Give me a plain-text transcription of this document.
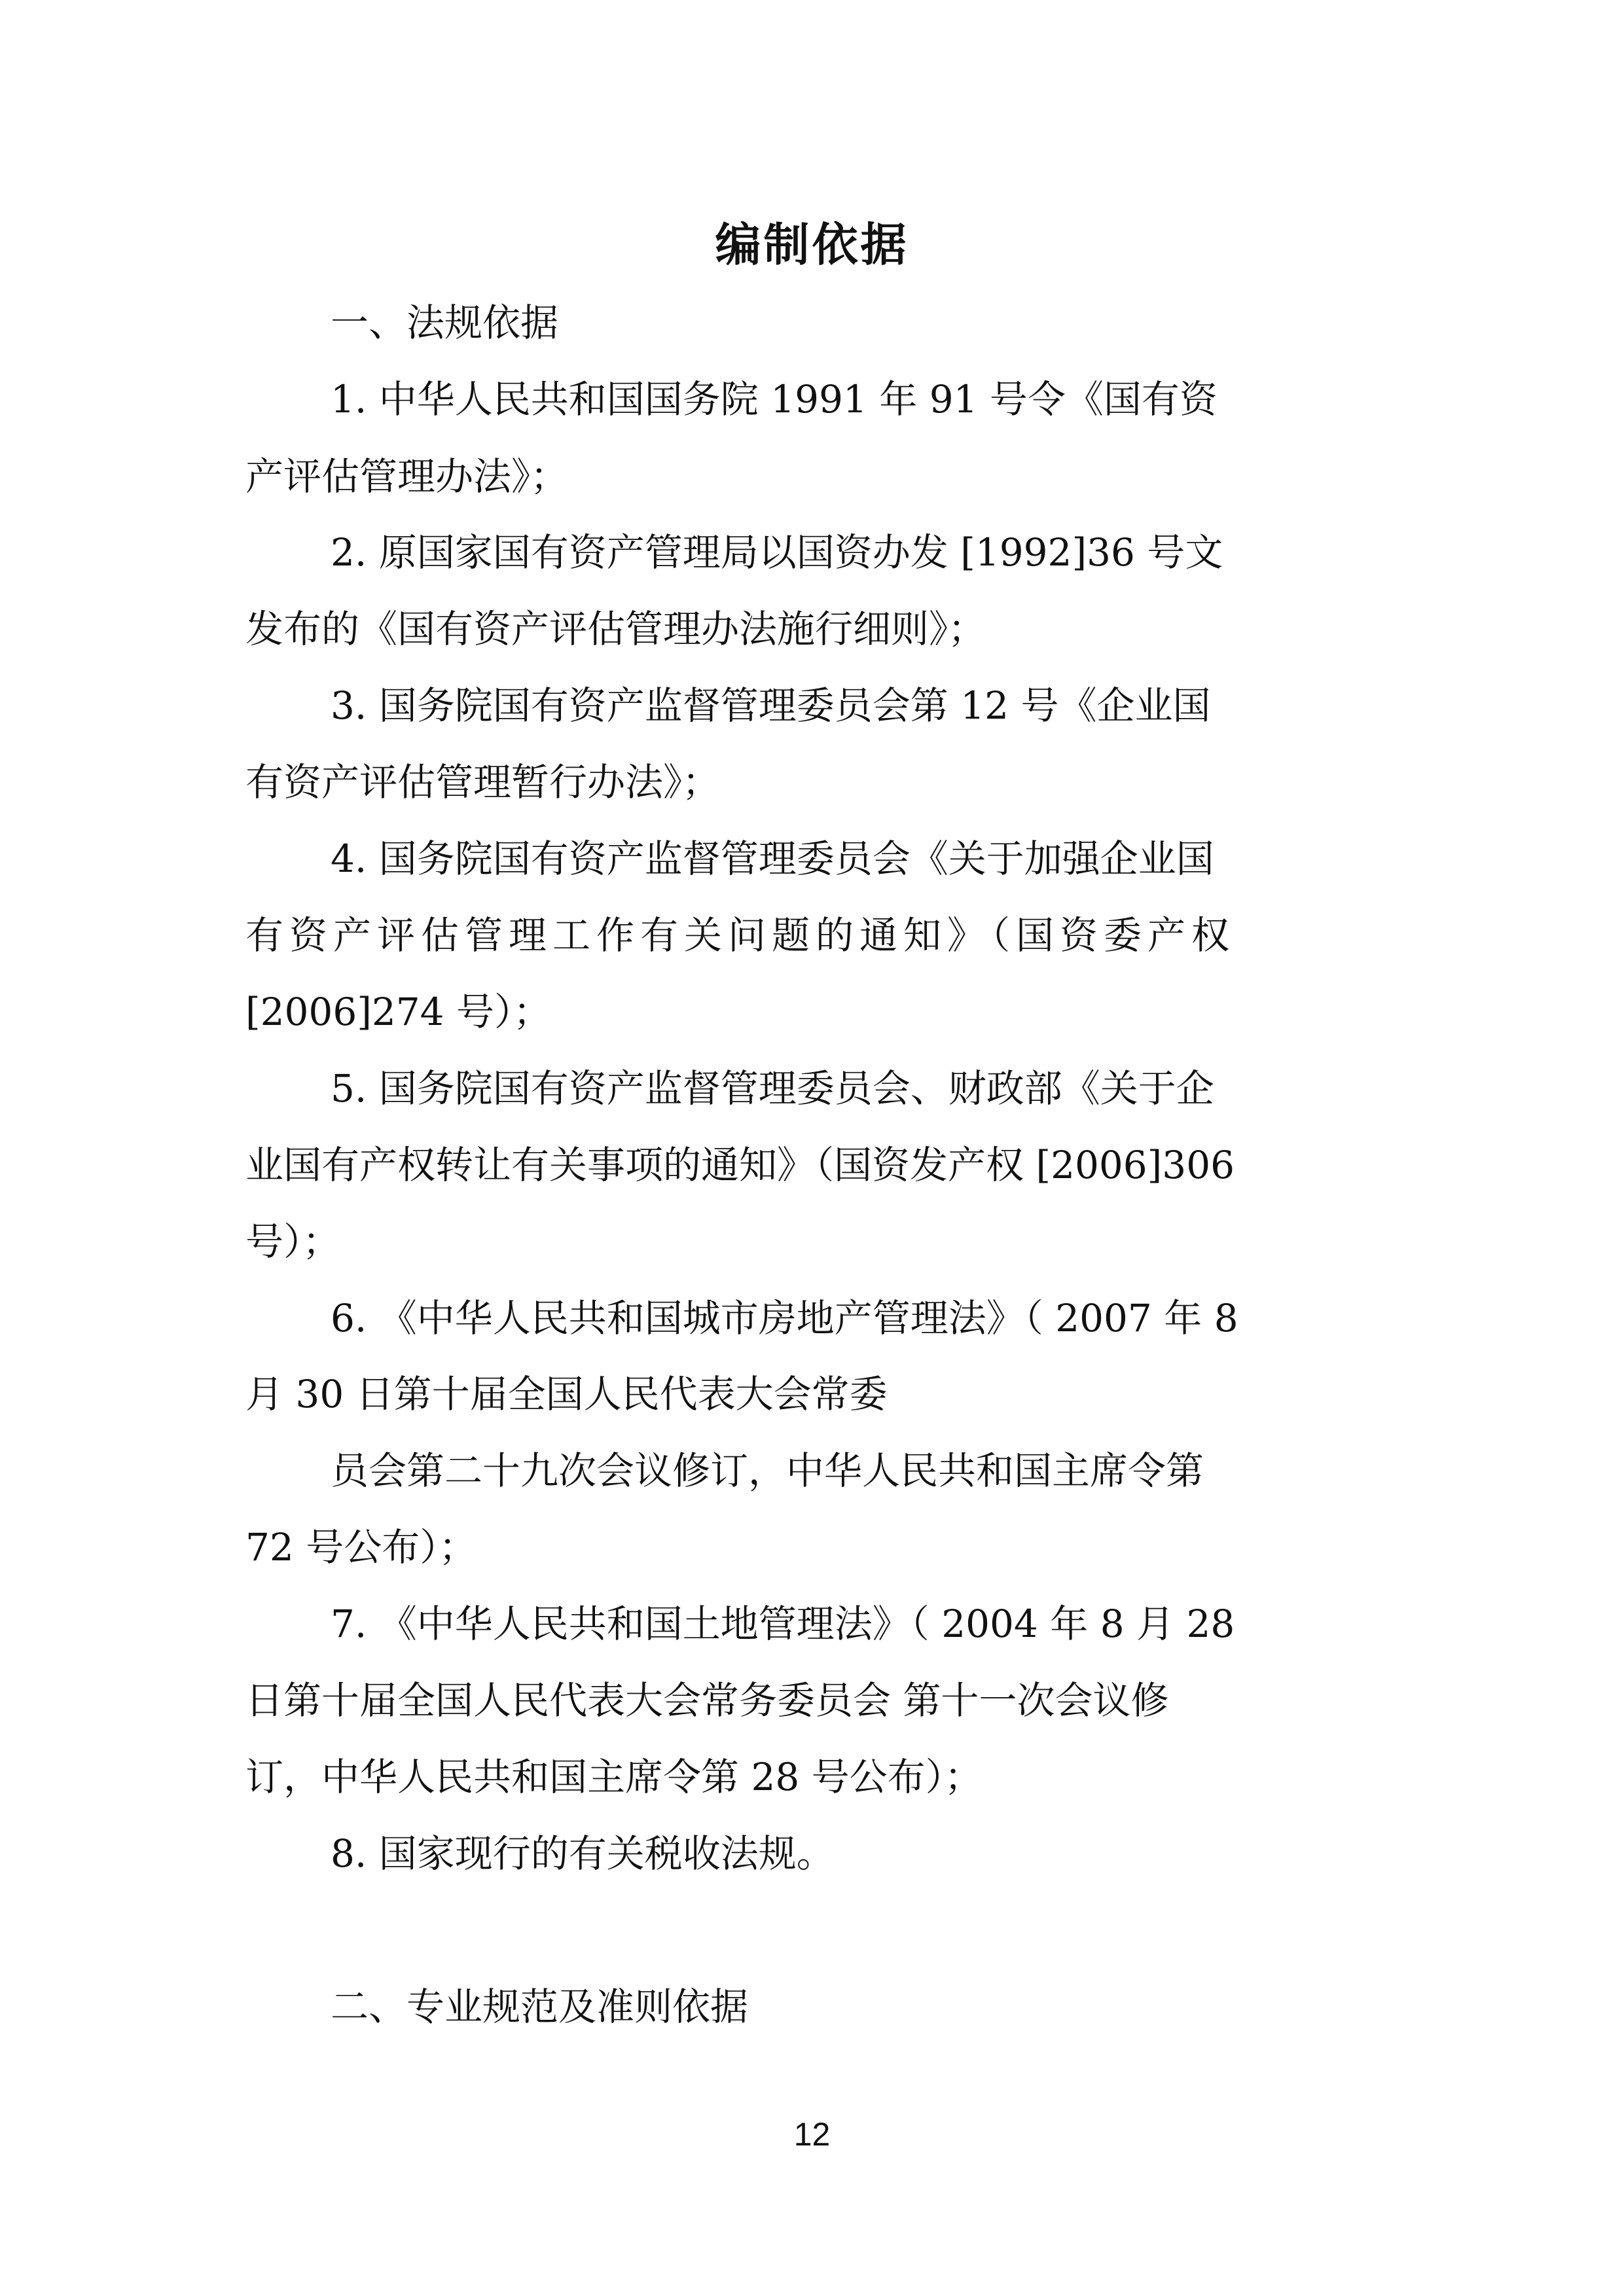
编制依据

一、法规依据

1. 中华人民共和国国务院 1991 年 91 号令《国有资

产评估管理办法》；

2. 原国家国有资产管理局以国资办发 [1992]36 号文

发布的《国有资产评估管理办法施行细则》；

3. 国务院国有资产监督管理委员会第 12 号《企业国

有资产评估管理暂行办法》；

4. 国务院国有资产监督管理委员会《关于加强企业国

有资产评估管理工作有关问题的通知》（国资委产权

[2006]274 号）；

5. 国务院国有资产监督管理委员会、财政部《关于企

业国有产权转让有关事项的通知》（国资发产权 [2006]306

号）；

6. 《中华人民共和国城市房地产管理法》（ 2007 年 8

月 30 日第十届全国人民代表大会常委

员会第二十九次会议修订，中华人民共和国主席令第

72 号公布）；

7. 《中华人民共和国土地管理法》（ 2004 年 8 月 28

日第十届全国人民代表大会常务委员会 第十一次会议修

订，中华人民共和国主席令第 28 号公布）；

8. 国家现行的有关税收法规。

二、专业规范及准则依据

12
